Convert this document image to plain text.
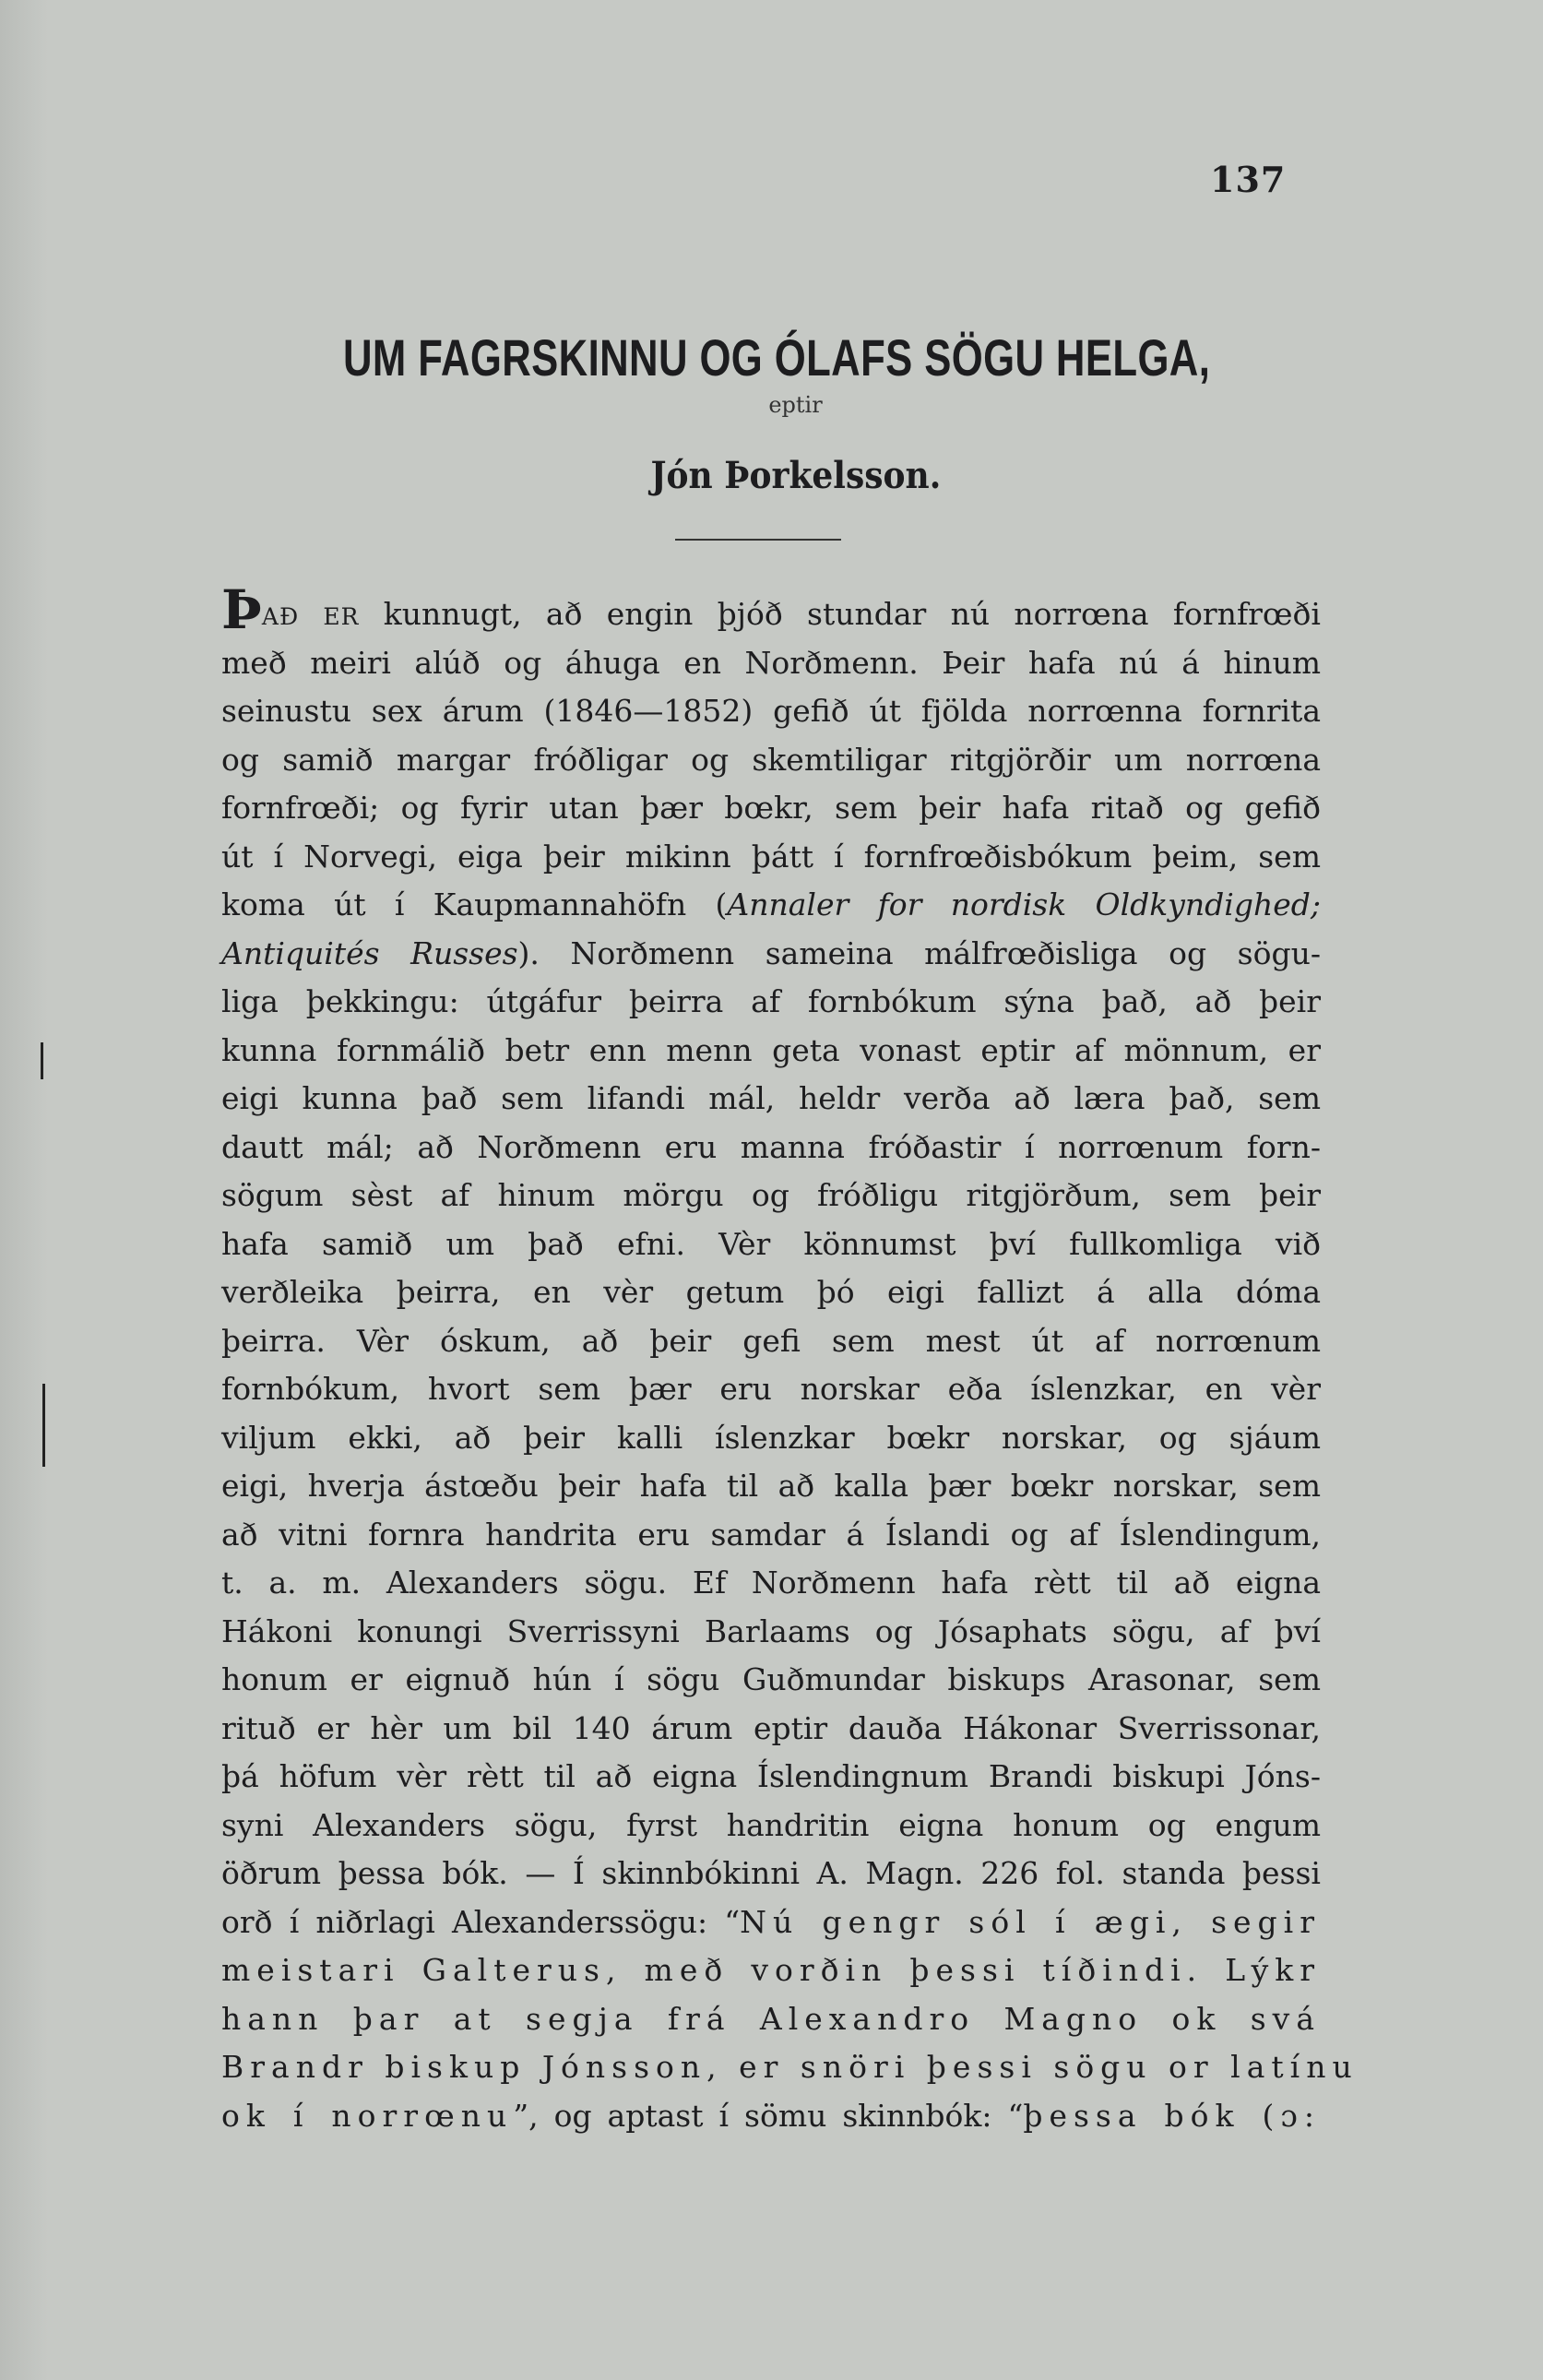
137
UM FAGRSKINNU OG ÓLAFS SÖGU HELGA,
eptir
Jón Þorkelsson.
ÞAÐ ER kunnugt, að engin þjóð stundar nú norrœna fornfrœði
með meiri alúð og áhuga en Norðmenn. Þeir hafa nú á hinum
seinustu sex árum (1846—1852) gefið út fjölda norrœnna fornrita
og samið margar fróðligar og skemtiligar ritgjörðir um norrœna
fornfrœði; og fyrir utan þær bœkr, sem þeir hafa ritað og gefið
út í Norvegi, eiga þeir mikinn þátt í fornfrœðisbókum þeim, sem
koma út í Kaupmannahöfn (Annaler for nordisk Oldkyndighed;
Antiquités Russes). Norðmenn sameina málfrœðisliga og sögu-
liga þekkingu: útgáfur þeirra af fornbókum sýna það, að þeir
kunna fornmálið betr enn menn geta vonast eptir af mönnum, er
eigi kunna það sem lifandi mál, heldr verða að læra það, sem
dautt mál; að Norðmenn eru manna fróðastir í norrœnum forn-
sögum sèst af hinum mörgu og fróðligu ritgjörðum, sem þeir
hafa samið um það efni. Vèr könnumst því fullkomliga við
verðleika þeirra, en vèr getum þó eigi fallizt á alla dóma
þeirra. Vèr óskum, að þeir gefi sem mest út af norrœnum
fornbókum, hvort sem þær eru norskar eða íslenzkar, en vèr
viljum ekki, að þeir kalli íslenzkar bœkr norskar, og sjáum
eigi, hverja ástœðu þeir hafa til að kalla þær bœkr norskar, sem
að vitni fornra handrita eru samdar á Íslandi og af Íslendingum,
t. a. m. Alexanders sögu. Ef Norðmenn hafa rètt til að eigna
Hákoni konungi Sverrissyni Barlaams og Jósaphats sögu, af því
honum er eignuð hún í sögu Guðmundar biskups Arasonar, sem
rituð er hèr um bil 140 árum eptir dauða Hákonar Sverrissonar,
þá höfum vèr rètt til að eigna Íslendingnum Brandi biskupi Jóns-
syni Alexanders sögu, fyrst handritin eigna honum og engum
öðrum þessa bók. — Í skinnbókinni A. Magn. 226 fol. standa þessi
orð í niðrlagi Alexanderssögu: “Nú gengr sól í ægi, segir
meistari Galterus, með vorðin þessi tíðindi. Lýkr
hann þar at segja frá Alexandro Magno ok svá
Brandr biskup Jónsson, er snöri þessi sögu or latínu
ok í norrœnu”, og aptast í sömu skinnbók: “þessa bók (ɔ:
